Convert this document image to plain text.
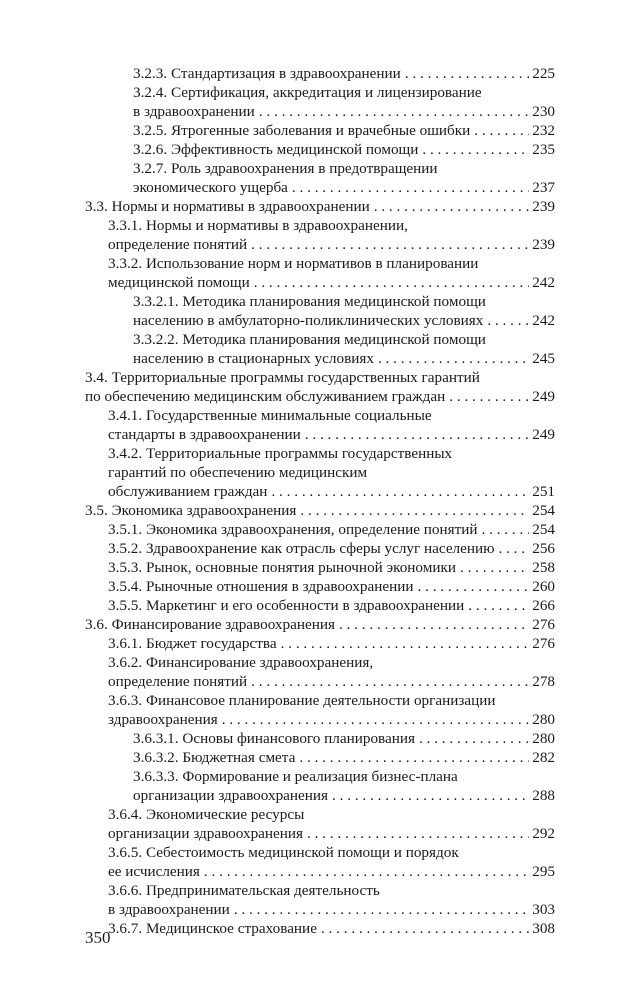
3.2.3. Стандартизация в здравоохранении . . .	225
3.2.4. Сертификация, аккредитация и лицензирование
в здравоохранении . . .	230
3.2.5. Ятрогенные заболевания и врачебные ошибки . . .	232
3.2.6. Эффективность медицинской помощи . . .	235
3.2.7. Роль здравоохранения в предотвращении
экономического ущерба . . .	237
3.3. Нормы и нормативы в здравоохранении . . .	239
3.3.1. Нормы и нормативы в здравоохранении,
определение понятий . . .	239
3.3.2. Использование норм и нормативов в планировании
медицинской помощи . . .	242
3.3.2.1. Методика планирования медицинской помощи
населению в амбулаторно-поликлинических условиях . . .	242
3.3.2.2. Методика планирования медицинской помощи
населению в стационарных условиях . . .	245
3.4. Территориальные программы государственных гарантий
по обеспечению медицинским обслуживанием граждан . . .	249
3.4.1. Государственные минимальные социальные
стандарты в здравоохранении . . .	249
3.4.2. Территориальные программы государственных
гарантий по обеспечению медицинским
обслуживанием граждан . . .	251
3.5. Экономика здравоохранения . . .	254
3.5.1. Экономика здравоохранения, определение понятий . . .	254
3.5.2. Здравоохранение как отрасль сферы услуг населению . . . 256
3.5.3. Рынок, основные понятия рыночной экономики . . .	258
3.5.4. Рыночные отношения в здравоохранении . . .	260
3.5.5. Маркетинг и его особенности в здравоохранении . . .	266
3.6. Финансирование здравоохранения . . .	276
3.6.1. Бюджет государства . . .	276
3.6.2. Финансирование здравоохранения,
определение понятий . . .	278
3.6.3. Финансовое планирование деятельности организации
здравоохранения . . .	280
3.6.3.1. Основы финансового планирования . . .	280
3.6.3.2. Бюджетная смета . . .	282
3.6.3.3. Формирование и реализация бизнес-плана
организации здравоохранения . . .	288
3.6.4. Экономические ресурсы
организации здравоохранения . . .	292
3.6.5. Себестоимость медицинской помощи и порядок
ее исчисления . . .	295
3.6.6. Предпринимательская деятельность
в здравоохранении . . .	303
3.6.7. Медицинское страхование . . .	308
350
